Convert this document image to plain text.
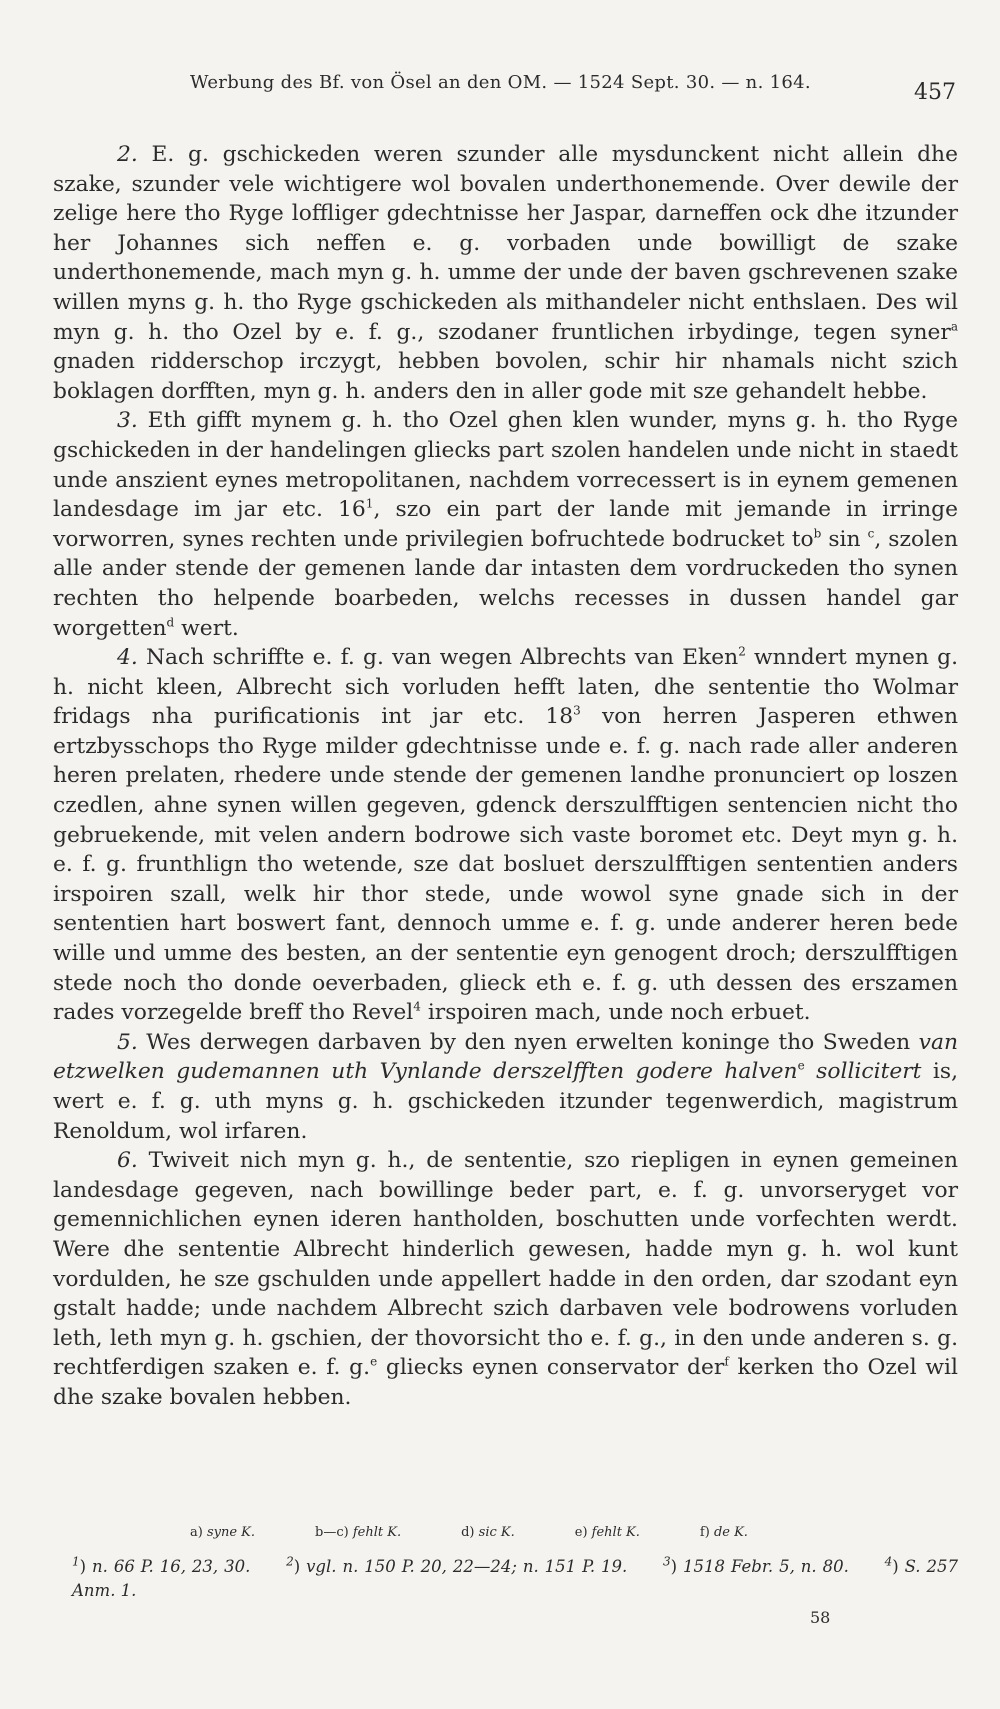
Werbung des Bf. von Ösel an den OM. — 1524 Sept. 30. — n. 164.	457

2. E. g. gschickeden weren szunder alle mysdunckent nicht allein dhe szake, szunder vele wichtigere wol bovalen underthonemende. Over dewile der zelige here tho Ryge loffliger gdechtnisse her Jaspar, darneffen ock dhe itzunder her Johannes sich neffen e. g. vorbaden unde bowilligt de szake underthonemende, mach myn g. h. umme der unde der baven gschrevenen szake willen myns g. h. tho Ryge gschickeden als mithandeler nicht enthslaen. Des wil myn g. h. tho Ozel by e. f. g., szodaner fruntlichen irbydinge, tegen syner$^a$ gnaden ridderschop irczygt, hebben bovolen, schir hir nhamals nicht szich boklagen dorfften, myn g. h. anders den in aller gode mit sze gehandelt hebbe.

3. Eth gifft mynem g. h. tho Ozel ghen klen wunder, myns g. h. tho Ryge gschickeden in der handelingen gliecks part szolen handelen unde nicht in staedt unde anszient eynes metropolitanen, nachdem vorrecessert is in eynem gemenen landesdage im jar etc. $16^1$, szo ein part der lande mit jemande in irringe vorworren, synes rechten unde privilegien bofruchtede bodrucket $to^b$ sin $^c$, szolen alle ander stende der gemenen lande dar intasten dem vordruckeden tho synen rechten tho helpende boarbeden, welchs recesses in dussen handel gar worgetten$^d$ wert.

4. Nach schriffte e. f. g. van wegen Albrechts van Eken$^2$ wnndert mynen g. h. nicht kleen, Albrecht sich vorluden hefft laten, dhe sententie tho Wolmar fridags nha purificationis int jar etc. $18^3$ von herren Jasperen ethwen ertzbysschops tho Ryge milder gdechtnisse unde e. f. g. nach rade aller anderen heren prelaten, rhedere unde stende der gemenen landhe pronunciert op loszen czedlen, ahne synen willen gegeven, gdenck derszulfftigen sentencien nicht tho gebruekende, mit velen andern bodrowe sich vaste boromet etc. Deyt myn g. h. e. f. g. frunthlign tho wetende, sze dat bosluet derszulfftigen sententien anders irspoiren szall, welk hir thor stede, unde wowol syne gnade sich in der sententien hart boswert fant, dennoch umme e. f. g. unde anderer heren bede wille und umme des besten, an der sententie eyn genogent droch; derszulfftigen stede noch tho donde oeverbaden, glieck eth e. f. g. uth dessen des erszamen rades vorzegelde breff tho Revel$^4$ irspoiren mach, unde noch erbuet.

5. Wes derwegen darbaven by den nyen erwelten koninge tho Sweden van etzwelken gudemannen uth Vynlande derszelfften godere halven$^e$ sollicitert is, wert e. f. g. uth myns g. h. gschickeden itzunder tegenwerdich, magistrum Renoldum, wol irfaren.

6. Twiveit nich myn g. h., de sententie, szo riepligen in eynen gemeinen landesdage gegeven, nach bowillinge beder part, e. f. g. unvorseryget vor gemennichlichen eynen ideren hantholden, boschutten unde vorfechten werdt. Were dhe sententie Albrecht hinderlich gewesen, hadde myn g. h. wol kunt vordulden, he sze gschulden unde appellert hadde in den orden, dar szodant eyn gstalt hadde; unde nachdem Albrecht szich darbaven vele bodrowens vorluden leth, leth myn g. h. gschien, der thovorsicht tho e. f. g., in den unde anderen s. g. rechtferdigen szaken e. f. g.$^e$ gliecks eynen conservator der$^f$ kerken tho Ozel wil dhe szake bovalen hebben.

a) syne K.	b—c) fehlt K.	d) sic K.	e) fehlt K.	f) de K.
$^1$) n. 66 P. 16, 23, 30.	$^2$) vgl. n. 150 P. 20, 22—24; n. 151 P. 19.	$^3$) 1518 Febr. 5, n. 80.	$^4$) S. 257 Anm. 1.
58
